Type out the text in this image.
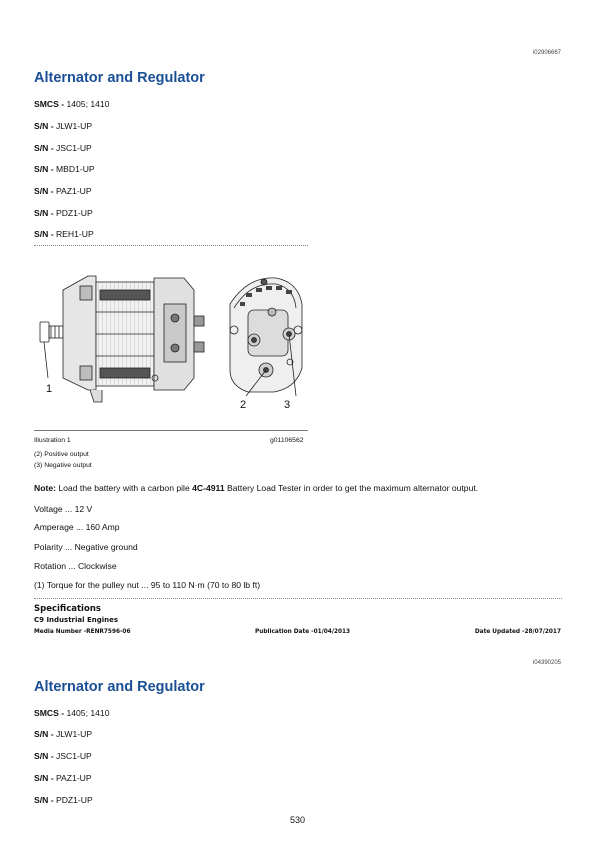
i02906667
Alternator and Regulator
SMCS - 1405; 1410
S/N - JLW1-UP
S/N - JSC1-UP
S/N - MBD1-UP
S/N - PAZ1-UP
S/N - PDZ1-UP
S/N - REH1-UP
1
2	3
Illustration 1	g01106562
(2) Positive output
(3) Negative output
Note: Load the battery with a carbon pile 4C-4911 Battery Load Tester in order to get the maximum alternator output.
Voltage ... 12 V
Amperage ... 160 Amp
Polarity ... Negative ground
Rotation ... Clockwise
(1) Torque for the pulley nut ... 95 to 110 N·m (70 to 80 lb ft)
Specifications
C9 Industrial Engines
Media Number -RENR7596-06	Publication Date -01/04/2013	Date Updated -28/07/2017
i04390205
Alternator and Regulator
SMCS - 1405; 1410
S/N - JLW1-UP
S/N - JSC1-UP
S/N - PAZ1-UP
S/N - PDZ1-UP
530
